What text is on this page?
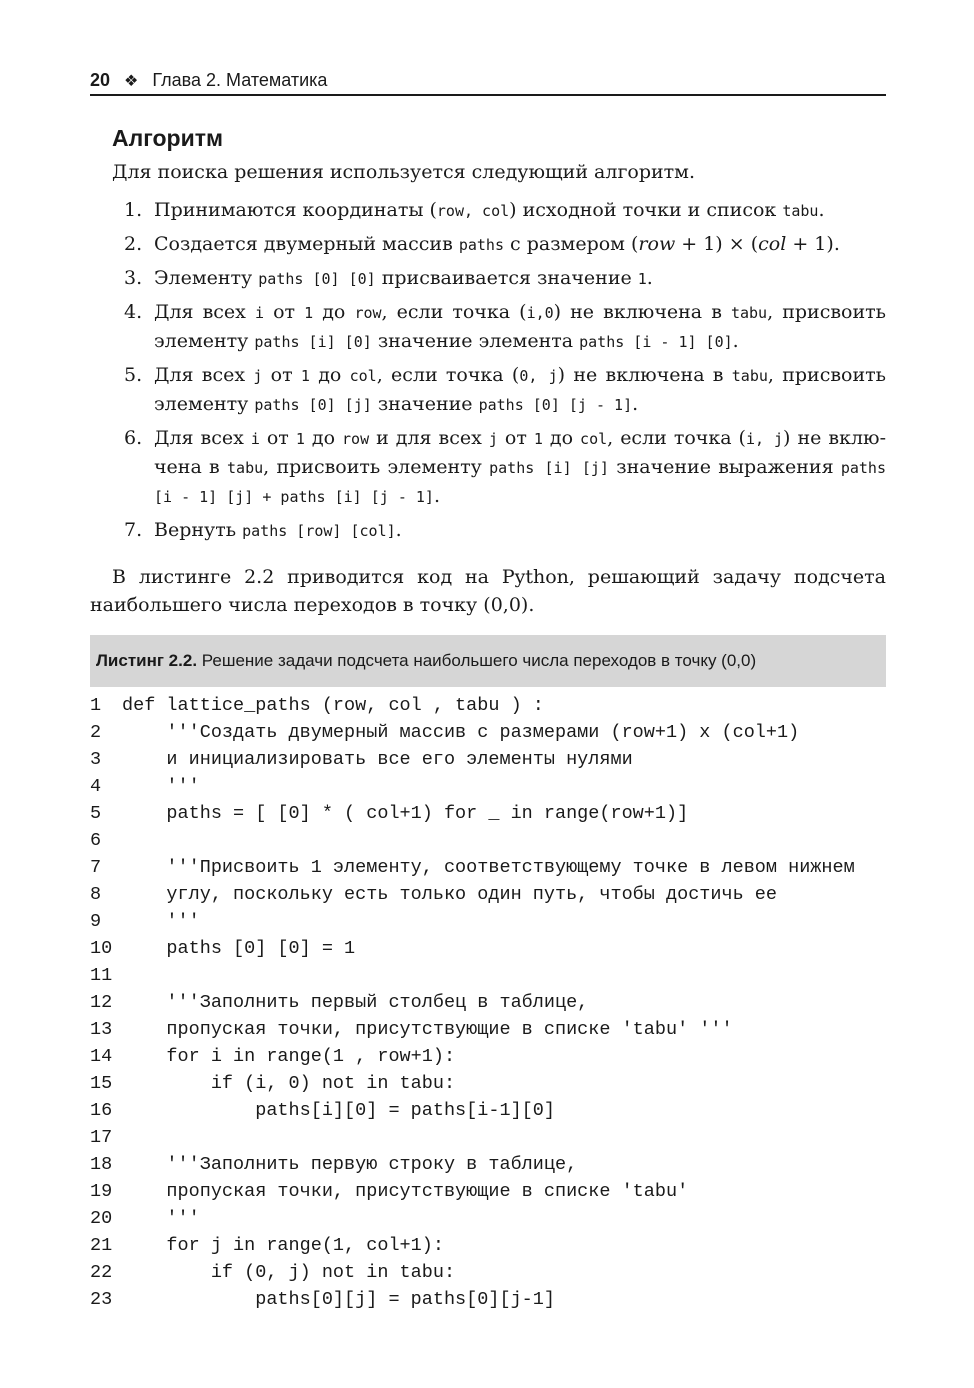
20 ❖ Глава 2. Математика
Алгоритм
Для поиска решения используется следующий алгоритм.
1. Принимаются координаты (row, col) исходной точки и список tabu.
2. Создается двумерный массив paths с размером (row + 1) × (col + 1).
3. Элементу paths [0] [0] присваивается значение 1.
4. Для всех i от 1 до row, если точка (i,0) не включена в tabu, присвоить элементу paths [i] [0] значение элемента paths [i - 1] [0].
5. Для всех j от 1 до col, если точка (0, j) не включена в tabu, присвоить элементу paths [0] [j] значение paths [0] [j - 1].
6. Для всех i от 1 до row и для всех j от 1 до col, если точка (i, j) не включена в tabu, присвоить элементу paths [i] [j] значение выражения paths [i - 1] [j] + paths [i] [j - 1].
7. Вернуть paths [row] [col].
В листинге 2.2 приводится код на Python, решающий задачу подсчета наибольшего числа переходов в точку (0,0).
Листинг 2.2. Решение задачи подсчета наибольшего числа переходов в точку (0,0)
1	def lattice_paths (row, col , tabu ) :
2	'''Создать двумерный массив с размерами (row+1) x (col+1)
3	и инициализировать все его элементы нулями
4	'''
5	paths = [ [0] * ( col+1) for _ in range(row+1)]
6
7	'''Присвоить 1 элементу, соответствующему точке в левом нижнем
8	углу, поскольку есть только один путь, чтобы достичь ее
9	'''
10 paths [0] [0] = 1
11
12 '''Заполнить первый столбец в таблице,
13 пропуская точки, присутствующие в списке 'tabu' '''
14 for i in range(1 , row+1):
15 if (i, 0) not in tabu:
16 paths[i][0] = paths[i-1][0]
17
18 '''Заполнить первую строку в таблице,
19 пропуская точки, присутствующие в списке 'tabu'
20 '''
21 for j in range(1, col+1):
22 if (0, j) not in tabu:
23 paths[0][j] = paths[0][j-1]
